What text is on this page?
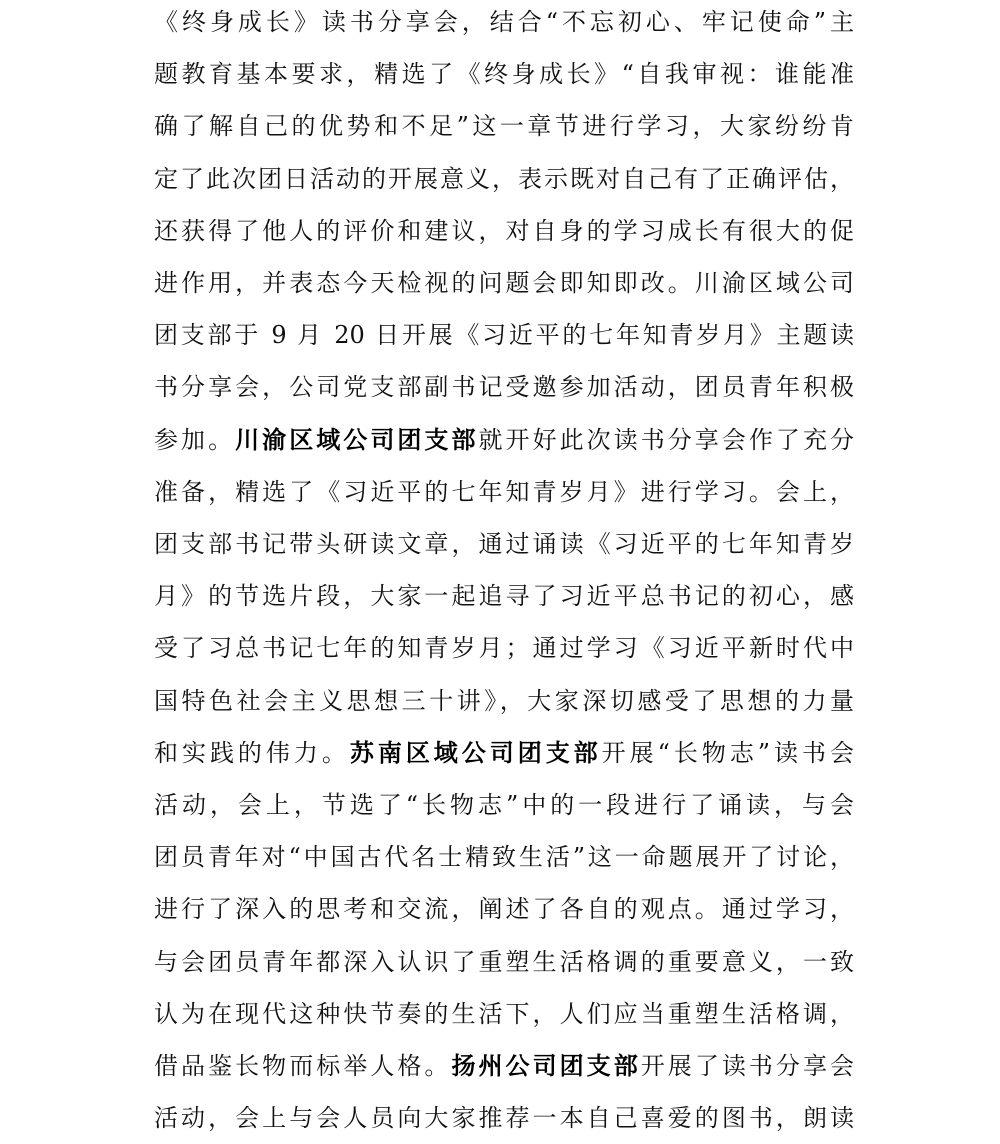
《终身成长》读书分享会，结合“不忘初心、牢记使命”主
题教育基本要求，精选了《终身成长》“自我审视：谁能准
确了解自己的优势和不足”这一章节进行学习，大家纷纷肯
定了此次团日活动的开展意义，表示既对自己有了正确评估，
还获得了他人的评价和建议，对自身的学习成长有很大的促
进作用，并表态今天检视的问题会即知即改。川渝区域公司
团支部于 9 月 20 日开展《习近平的七年知青岁月》主题读
书分享会，公司党支部副书记受邀参加活动，团员青年积极
参加。川渝区域公司团支部就开好此次读书分享会作了充分
准备，精选了《习近平的七年知青岁月》进行学习。会上，
团支部书记带头研读文章，通过诵读《习近平的七年知青岁
月》的节选片段，大家一起追寻了习近平总书记的初心，感
受了习总书记七年的知青岁月；通过学习《习近平新时代中
国特色社会主义思想三十讲》，大家深切感受了思想的力量
和实践的伟力。苏南区域公司团支部开展“长物志”读书会
活动，会上，节选了“长物志”中的一段进行了诵读，与会
团员青年对“中国古代名士精致生活”这一命题展开了讨论，
进行了深入的思考和交流，阐述了各自的观点。通过学习，
与会团员青年都深入认识了重塑生活格调的重要意义，一致
认为在现代这种快节奏的生活下，人们应当重塑生活格调，
借品鉴长物而标举人格。扬州公司团支部开展了读书分享会
活动，会上与会人员向大家推荐一本自己喜爱的图书，朗读
